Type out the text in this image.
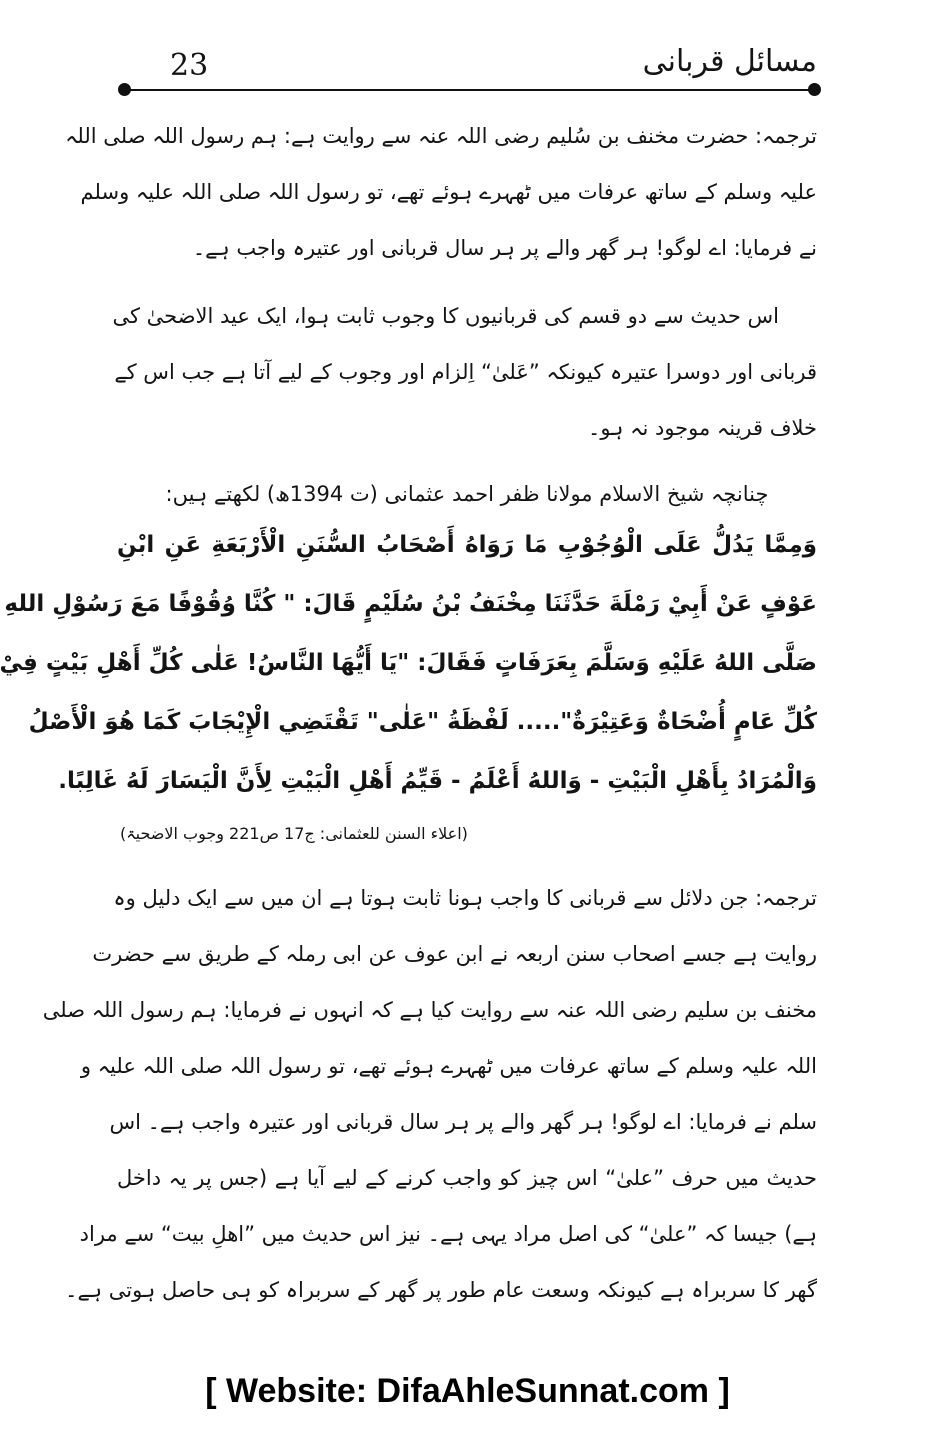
مسائل قربانی
23
ترجمہ: حضرت مخنف بن سُلیم رضی اللہ عنہ سے روایت ہے: ہم رسول اللہ صلی اللہ
علیہ وسلم کے ساتھ عرفات میں ٹھہرے ہوئے تھے، تو رسول اللہ صلی اللہ علیہ وسلم
نے فرمایا: اے لوگو! ہر گھر والے پر ہر سال قربانی اور عتیرہ واجب ہے۔
اس حدیث سے دو قسم کی قربانیوں کا وجوب ثابت ہوا، ایک عید الاضحیٰ کی
قربانی اور دوسرا عتیرہ کیونکہ ”عَلیٰ“ اِلزام اور وجوب کے لیے آتا ہے جب اس کے
خلاف قرینہ موجود نہ ہو۔
چنانچہ شیخ الاسلام مولانا ظفر احمد عثمانی (ت 1394ھ) لکھتے ہیں:
وَمِمَّا يَدُلُّ عَلَى الْوُجُوْبِ مَا رَوَاهُ أَصْحَابُ السُّنَنِ الْأَرْبَعَةِ عَنِ ابْنِ
عَوْفٍ عَنْ أَبِيْ رَمْلَةَ حَدَّثَنَا مِخْنَفُ بْنُ سُلَيْمٍ قَالَ: " كُنَّا وُقُوْفًا مَعَ رَسُوْلِ اللهِ
صَلَّى اللهُ عَلَيْهِ وَسَلَّمَ بِعَرَفَاتٍ فَقَالَ: "يَا أَيُّهَا النَّاسُ! عَلٰى كُلِّ أَهْلِ بَيْتٍ فِيْ
كُلِّ عَامٍ أُضْحَاةٌ وَعَتِيْرَةٌ"..... لَفْظَةُ "عَلٰى" تَقْتَضِي الْإِيْجَابَ كَمَا هُوَ الْأَصْلُ
وَالْمُرَادُ بِأَهْلِ الْبَيْتِ - وَاللهُ أَعْلَمُ - قَيِّمُ أَهْلِ الْبَيْتِ لِأَنَّ الْيَسَارَ لَهُ غَالِبًا.
(اعلاء السنن للعثمانی: ج17 ص221 وجوب الاضحیۃ)
ترجمہ: جن دلائل سے قربانی کا واجب ہونا ثابت ہوتا ہے ان میں سے ایک دلیل وہ
روایت ہے جسے اصحاب سنن اربعہ نے ابن عوف عن ابی رملہ کے طریق سے حضرت
مخنف بن سلیم رضی اللہ عنہ سے روایت کیا ہے کہ انہوں نے فرمایا: ہم رسول اللہ صلی
اللہ علیہ وسلم کے ساتھ عرفات میں ٹھہرے ہوئے تھے، تو رسول اللہ صلی اللہ علیہ و
سلم نے فرمایا: اے لوگو! ہر گھر والے پر ہر سال قربانی اور عتیرہ واجب ہے۔ اس
حدیث میں حرف ”علیٰ“ اس چیز کو واجب کرنے کے لیے آیا ہے (جس پر یہ داخل
ہے) جیسا کہ ”علیٰ“ کی اصل مراد یہی ہے۔ نیز اس حدیث میں ”اھلِ بیت“ سے مراد
گھر کا سربراہ ہے کیونکہ وسعت عام طور پر گھر کے سربراہ کو ہی حاصل ہوتی ہے۔
[ Website: DifaAhleSunnat.com ]
